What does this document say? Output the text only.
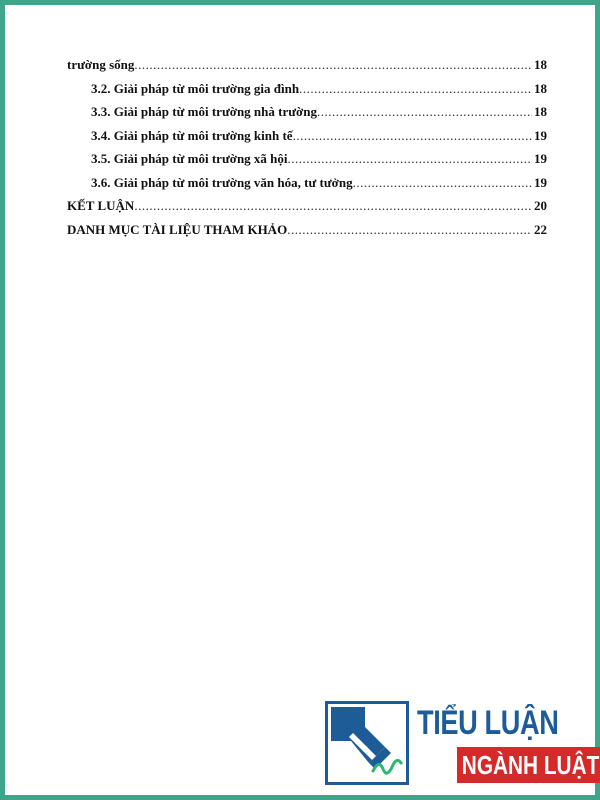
trường sống .....	18
3.2. Giải pháp từ môi trường gia đình .....	18
3.3. Giải pháp từ môi trường nhà trường .....	18
3.4. Giải pháp từ môi trường kinh tế .....	19
3.5. Giải pháp từ môi trường xã hội .....	19
3.6. Giải pháp từ môi trường văn hóa, tư tưởng .....	19
KẾT LUẬN .....	20
DANH MỤC TÀI LIỆU THAM KHẢO .....	22
TIỂU LUẬN
NGÀNH LUẬT
